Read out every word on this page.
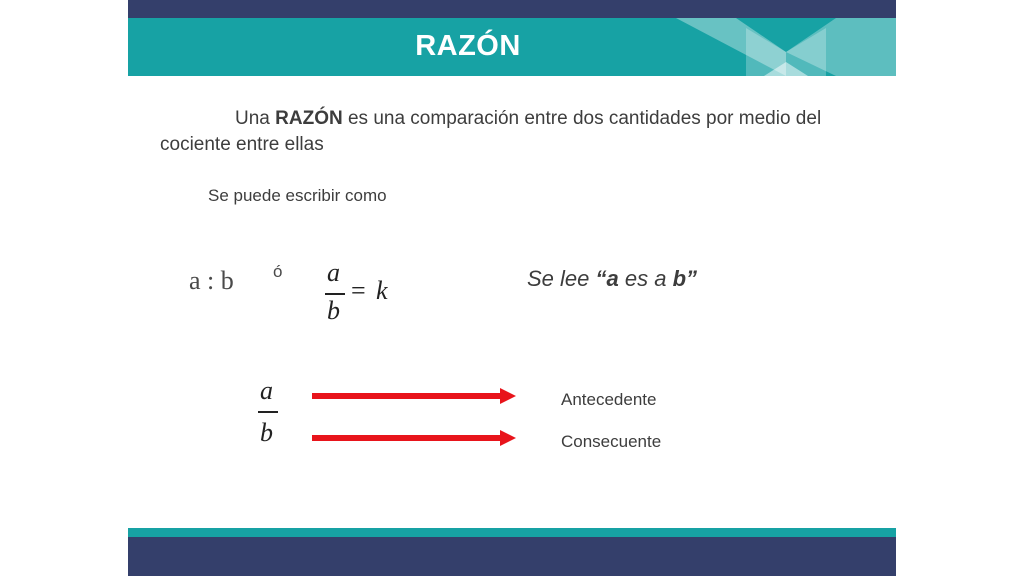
RAZÓN
Una RAZÓN es una comparación entre dos cantidades por medio del cociente entre ellas
Se puede escribir como
a : b ó a
b
= k	Se lee “a es a b”
a
b
Antecedente
Consecuente
